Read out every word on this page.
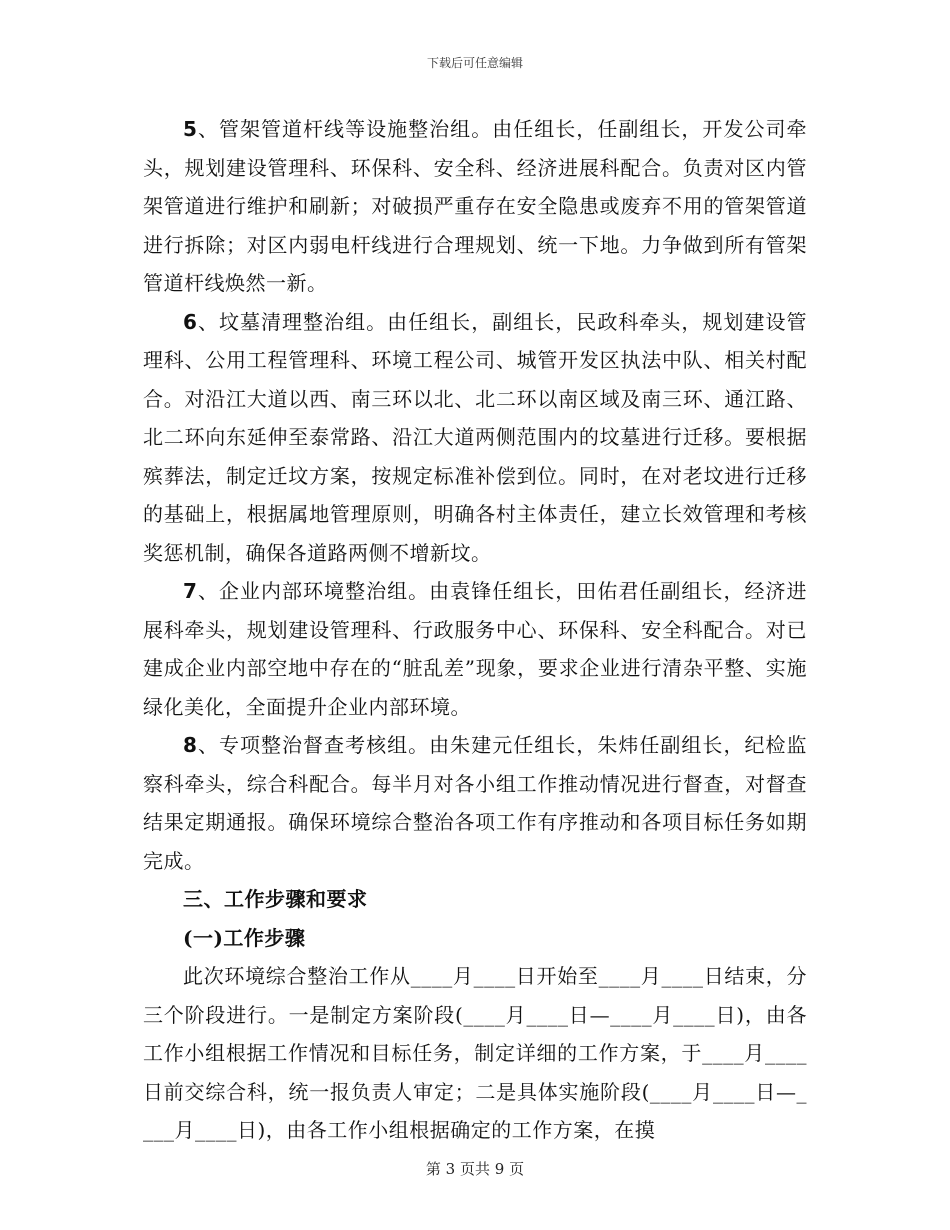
下载后可任意编辑

5、管架管道杆线等设施整治组。由任组长，任副组长，开发公司牵头，规划建设管理科、环保科、安全科、经济进展科配合。负责对区内管架管道进行维护和刷新；对破损严重存在安全隐患或废弃不用的管架管道进行拆除；对区内弱电杆线进行合理规划、统一下地。力争做到所有管架管道杆线焕然一新。

6、坟墓清理整治组。由任组长，副组长，民政科牵头，规划建设管理科、公用工程管理科、环境工程公司、城管开发区执法中队、相关村配合。对沿江大道以西、南三环以北、北二环以南区域及南三环、通江路、北二环向东延伸至泰常路、沿江大道两侧范围内的坟墓进行迁移。要根据殡葬法，制定迁坟方案，按规定标准补偿到位。同时，在对老坟进行迁移的基础上，根据属地管理原则，明确各村主体责任，建立长效管理和考核奖惩机制，确保各道路两侧不增新坟。

7、企业内部环境整治组。由袁锋任组长，田佑君任副组长，经济进展科牵头，规划建设管理科、行政服务中心、环保科、安全科配合。对已建成企业内部空地中存在的“脏乱差”现象，要求企业进行清杂平整、实施绿化美化，全面提升企业内部环境。

8、专项整治督查考核组。由朱建元任组长，朱炜任副组长，纪检监察科牵头，综合科配合。每半月对各小组工作推动情况进行督查，对督查结果定期通报。确保环境综合整治各项工作有序推动和各项目标任务如期完成。

三、工作步骤和要求

(一)工作步骤

此次环境综合整治工作从____月____日开始至____月____日结束，分三个阶段进行。一是制定方案阶段(____月____日—____月____日)，由各工作小组根据工作情况和目标任务，制定详细的工作方案，于____月____日前交综合科，统一报负责人审定；二是具体实施阶段(____月____日—____月____日)，由各工作小组根据确定的工作方案，在摸

第 3 页共 9 页
